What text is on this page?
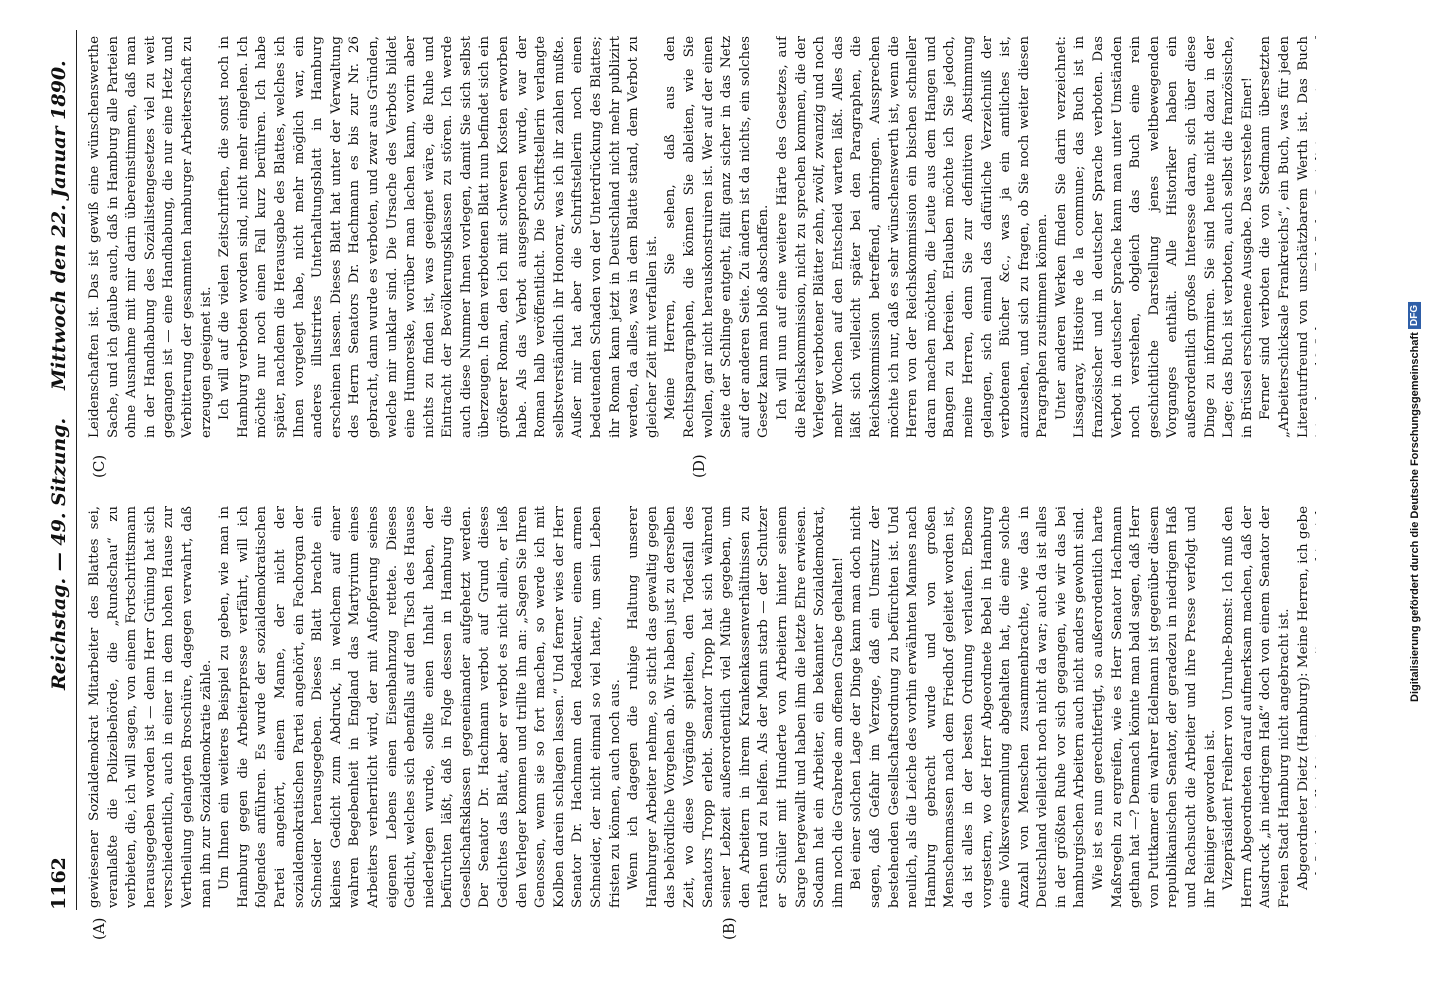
1162
Reichstag. — 49. Sitzung.
Mittwoch den 22. Januar 1890.
(A)	(B)
(C)	(D)

gewiesener Sozialdemokrat Mitarbeiter des Blattes sei, veranlaßte die Polizeibehörde, die „Rundschau“ zu verbieten, die, ich will sagen, von einem Fortschrittsmann herausgegeben worden ist — denn Herr Grüning hat sich verschiedentlich, auch in einer in dem hohen Hause zur Vertheilung gelangten Broschüre, dagegen verwahrt, daß man ihn zur Sozialdemokratie zähle. Um Ihnen ein weiteres Beispiel zu geben, wie man in Hamburg gegen die Arbeiterpresse verfährt, will ich folgendes anführen. Es wurde der sozialdemokratischen Partei angehört, einem Manne, der nicht der sozialdemokratischen Partei angehört, ein Fachorgan der Schneider herausgegeben. Dieses Blatt brachte ein kleines Gedicht zum Abdruck, in welchem auf einer wahren Begebenheit in England das Martyrium eines Arbeiters verherrlicht wird, der mit Aufopferung seines eigenen Lebens einen Eisenbahnzug rettete. Dieses Gedicht, welches sich ebenfalls auf den Tisch des Hauses niederlegen wurde, sollte einen Inhalt haben, der befürchten läßt, daß in Folge dessen in Hamburg die Gesellschaftsklassen gegeneinander aufgehetzt werden. Der Senator Dr. Hachmann verbot auf Grund dieses Gedichtes das Blatt, aber er verbot es nicht allein, er ließ den Verleger kommen und trillte ihn an: „Sagen Sie Ihren Genossen, wenn sie so fort machen, so werde ich mit Kolben darein schlagen lassen.“ Und ferner wies der Herr Senator Dr. Hachmann den Redakteur, einem armen Schneider, der nicht einmal so viel hatte, um sein Leben fristen zu können, auch noch aus. Wenn ich dagegen die ruhige Haltung unserer Hamburger Arbeiter nehme, so sticht das gewaltig gegen das behördliche Vorgehen ab. Wir haben just zu derselben Zeit, wo diese Vorgänge spielten, den Todesfall des Senators Tropp erlebt. Senator Tropp hat sich während seiner Lebzeit außerordentlich viel Mühe gegeben, um den Arbeitern in ihrem Krankenkassenverhältnissen zu rathen und zu helfen. Als der Mann starb — der Schutzer er Schüler mit Hunderte von Arbeitern hinter seinem Sarge hergewallt und haben ihm die letzte Ehre erwiesen. Sodann hat ein Arbeiter, ein bekannter Sozialdemokrat, ihm noch die Grabrede am offenen Grabe gehalten! Bei einer solchen Lage der Dinge kann man doch nicht sagen, daß Gefahr im Verzuge, daß ein Umsturz der bestehenden Gesellschaftsordnung zu befürchten ist. Und neulich, als die Leiche des vorhin erwähnten Mannes nach Hamburg gebracht wurde und von großen Menschenmassen nach dem Friedhof geleitet worden ist, da ist alles in der besten Ordnung verlaufen. Ebenso vorgestern, wo der Herr Abgeordnete Bebel in Hamburg eine Volksversammlung abgehalten hat, die eine solche Anzahl von Menschen zusammenbrachte, wie das in Deutschland vielleicht noch nicht da war; auch da ist alles in der größten Ruhe vor sich gegangen, wie wir das bei hamburgischen Arbeitern auch nicht anders gewohnt sind. Wie ist es nun gerechtfertigt, so außerordentlich harte Maßregeln zu ergreifen, wie es Herr Senator Hachmann gethan hat —? Demnach könnte man bald sagen, daß Herr von Puttkamer ein wahrer Edelmann ist gegenüber diesem republikanischen Senator, der geradezu in niedrigem Haß und Rachsucht die Arbeiter und ihre Presse verfolgt und ihr Reiniger geworden ist. Vizepräsident Freiherr von Unruhe-Bomst: Ich muß den Herrn Abgeordneten darauf aufmerksam machen, daß der Ausdruck „in niedrigem Haß“ doch von einem Senator der Freien Stadt Hamburg nicht angebracht ist. Abgeordneter Dietz (Hamburg): Meine Herren, ich gebe

Leidenschaften ist. Das ist gewiß eine wünschenswerthe Sache, und ich glaube auch, daß in Hamburg alle Parteien ohne Ausnahme mit mir darin übereinstimmen, daß man in der Handhabung des Sozialistengesetzes viel zu weit gegangen ist — eine Handhabung, die nur eine Hetz und Verbitterung der gesammten hamburger Arbeiterschaft zu erzeugen geeignet ist. Ich will auf die vielen Zeitschriften, die sonst noch in Hamburg verboten worden sind, nicht mehr eingehen. Ich möchte nur noch einen Fall kurz berühren. Ich habe später, nachdem die Herausgabe des Blattes, welches ich Ihnen vorgelegt habe, nicht mehr möglich war, ein anderes illustrirtes Unterhaltungsblatt in Hamburg erscheinen lassen. Dieses Blatt hat unter der Verwaltung des Herrn Senators Dr. Hachmann es bis zur Nr. 26 gebracht, dann wurde es verboten, und zwar aus Gründen, welche mir unklar sind. Die Ursache des Verbots bildet eine Humoreske, worüber man lachen kann, worin aber nichts zu finden ist, was geeignet wäre, die Ruhe und Eintracht der Bevölkerungsklassen zu stören. Ich werde auch diese Nummer Ihnen vorlegen, damit Sie sich selbst überzeugen. In dem verbotenen Blatt nun befindet sich ein größerer Roman, den ich mit schweren Kosten erworben habe. Als das Verbot ausgesprochen wurde, war der Roman halb veröffentlicht. Die Schriftstellerin verlangte selbstverständlich ihr Honorar, was ich ihr zahlen mußte. Außer mir hat aber die Schriftstellerin noch einen bedeutenden Schaden von der Unterdrückung des Blattes; ihr Roman kann jetzt in Deutschland nicht mehr publizirt werden, da alles, was in dem Blatte stand, dem Verbot zu gleicher Zeit mit verfallen ist. Meine Herren, Sie sehen, daß aus den Rechtsparagraphen, die können Sie ableiten, wie Sie wollen, gar nicht herauskonstruiren ist. Wer auf der einen Seite der Schlinge entgeht, fällt ganz sicher in das Netz auf der anderen Seite. Zu ändern ist da nichts, ein solches Gesetz kann man bloß abschaffen. Ich will nun auf eine weitere Härte des Gesetzes, auf die Reichskommission, nicht zu sprechen kommen, die der Verleger verbotener Blätter zehn, zwölf, zwanzig und noch mehr Wochen auf den Entscheid warten läßt. Alles das läßt sich vielleicht später bei den Paragraphen, die Reichskommission betreffend, anbringen. Aussprechen möchte ich nur, daß es sehr wünschenswerth ist, wenn die Herren von der Reichskommission ein bischen schneller daran machen möchten, die Leute aus dem Hangen und Bangen zu befreien. Erlauben möchte ich Sie jedoch, meine Herren, denn Sie zur definitiven Abstimmung gelangen, sich einmal das dafürliche Verzeichniß der verbotenen Bücher &c., was ja ein amtliches ist, anzusehen, und sich zu fragen, ob Sie noch weiter diesen Paragraphen zustimmen können. Unter anderen Werken finden Sie darin verzeichnet: Lissagaray, Histoire de la commune; das Buch ist in französischer und in deutscher Sprache verboten. Das Verbot in deutscher Sprache kann man unter Umständen noch verstehen, obgleich das Buch eine rein geschichtliche Darstellung jenes weltbewegenden Vorganges enthält. Alle Historiker haben ein außerordentlich großes Interesse daran, sich über diese Dinge zu informiren. Sie sind heute nicht dazu in der Lage; das Buch ist verboten, auch selbst die französische, in Brüssel erschienene Ausgabe. Das verstehe Einer! Ferner sind verboten die von Stedmann übersetzten „Arbeiterschicksale Frankreichs“, ein Buch, was für jeden Literaturfreund von unschätzbarem Werth ist. Das Buch

Digitalisierung gefördert durch die Deutsche Forschungsgemeinschaft DFG
